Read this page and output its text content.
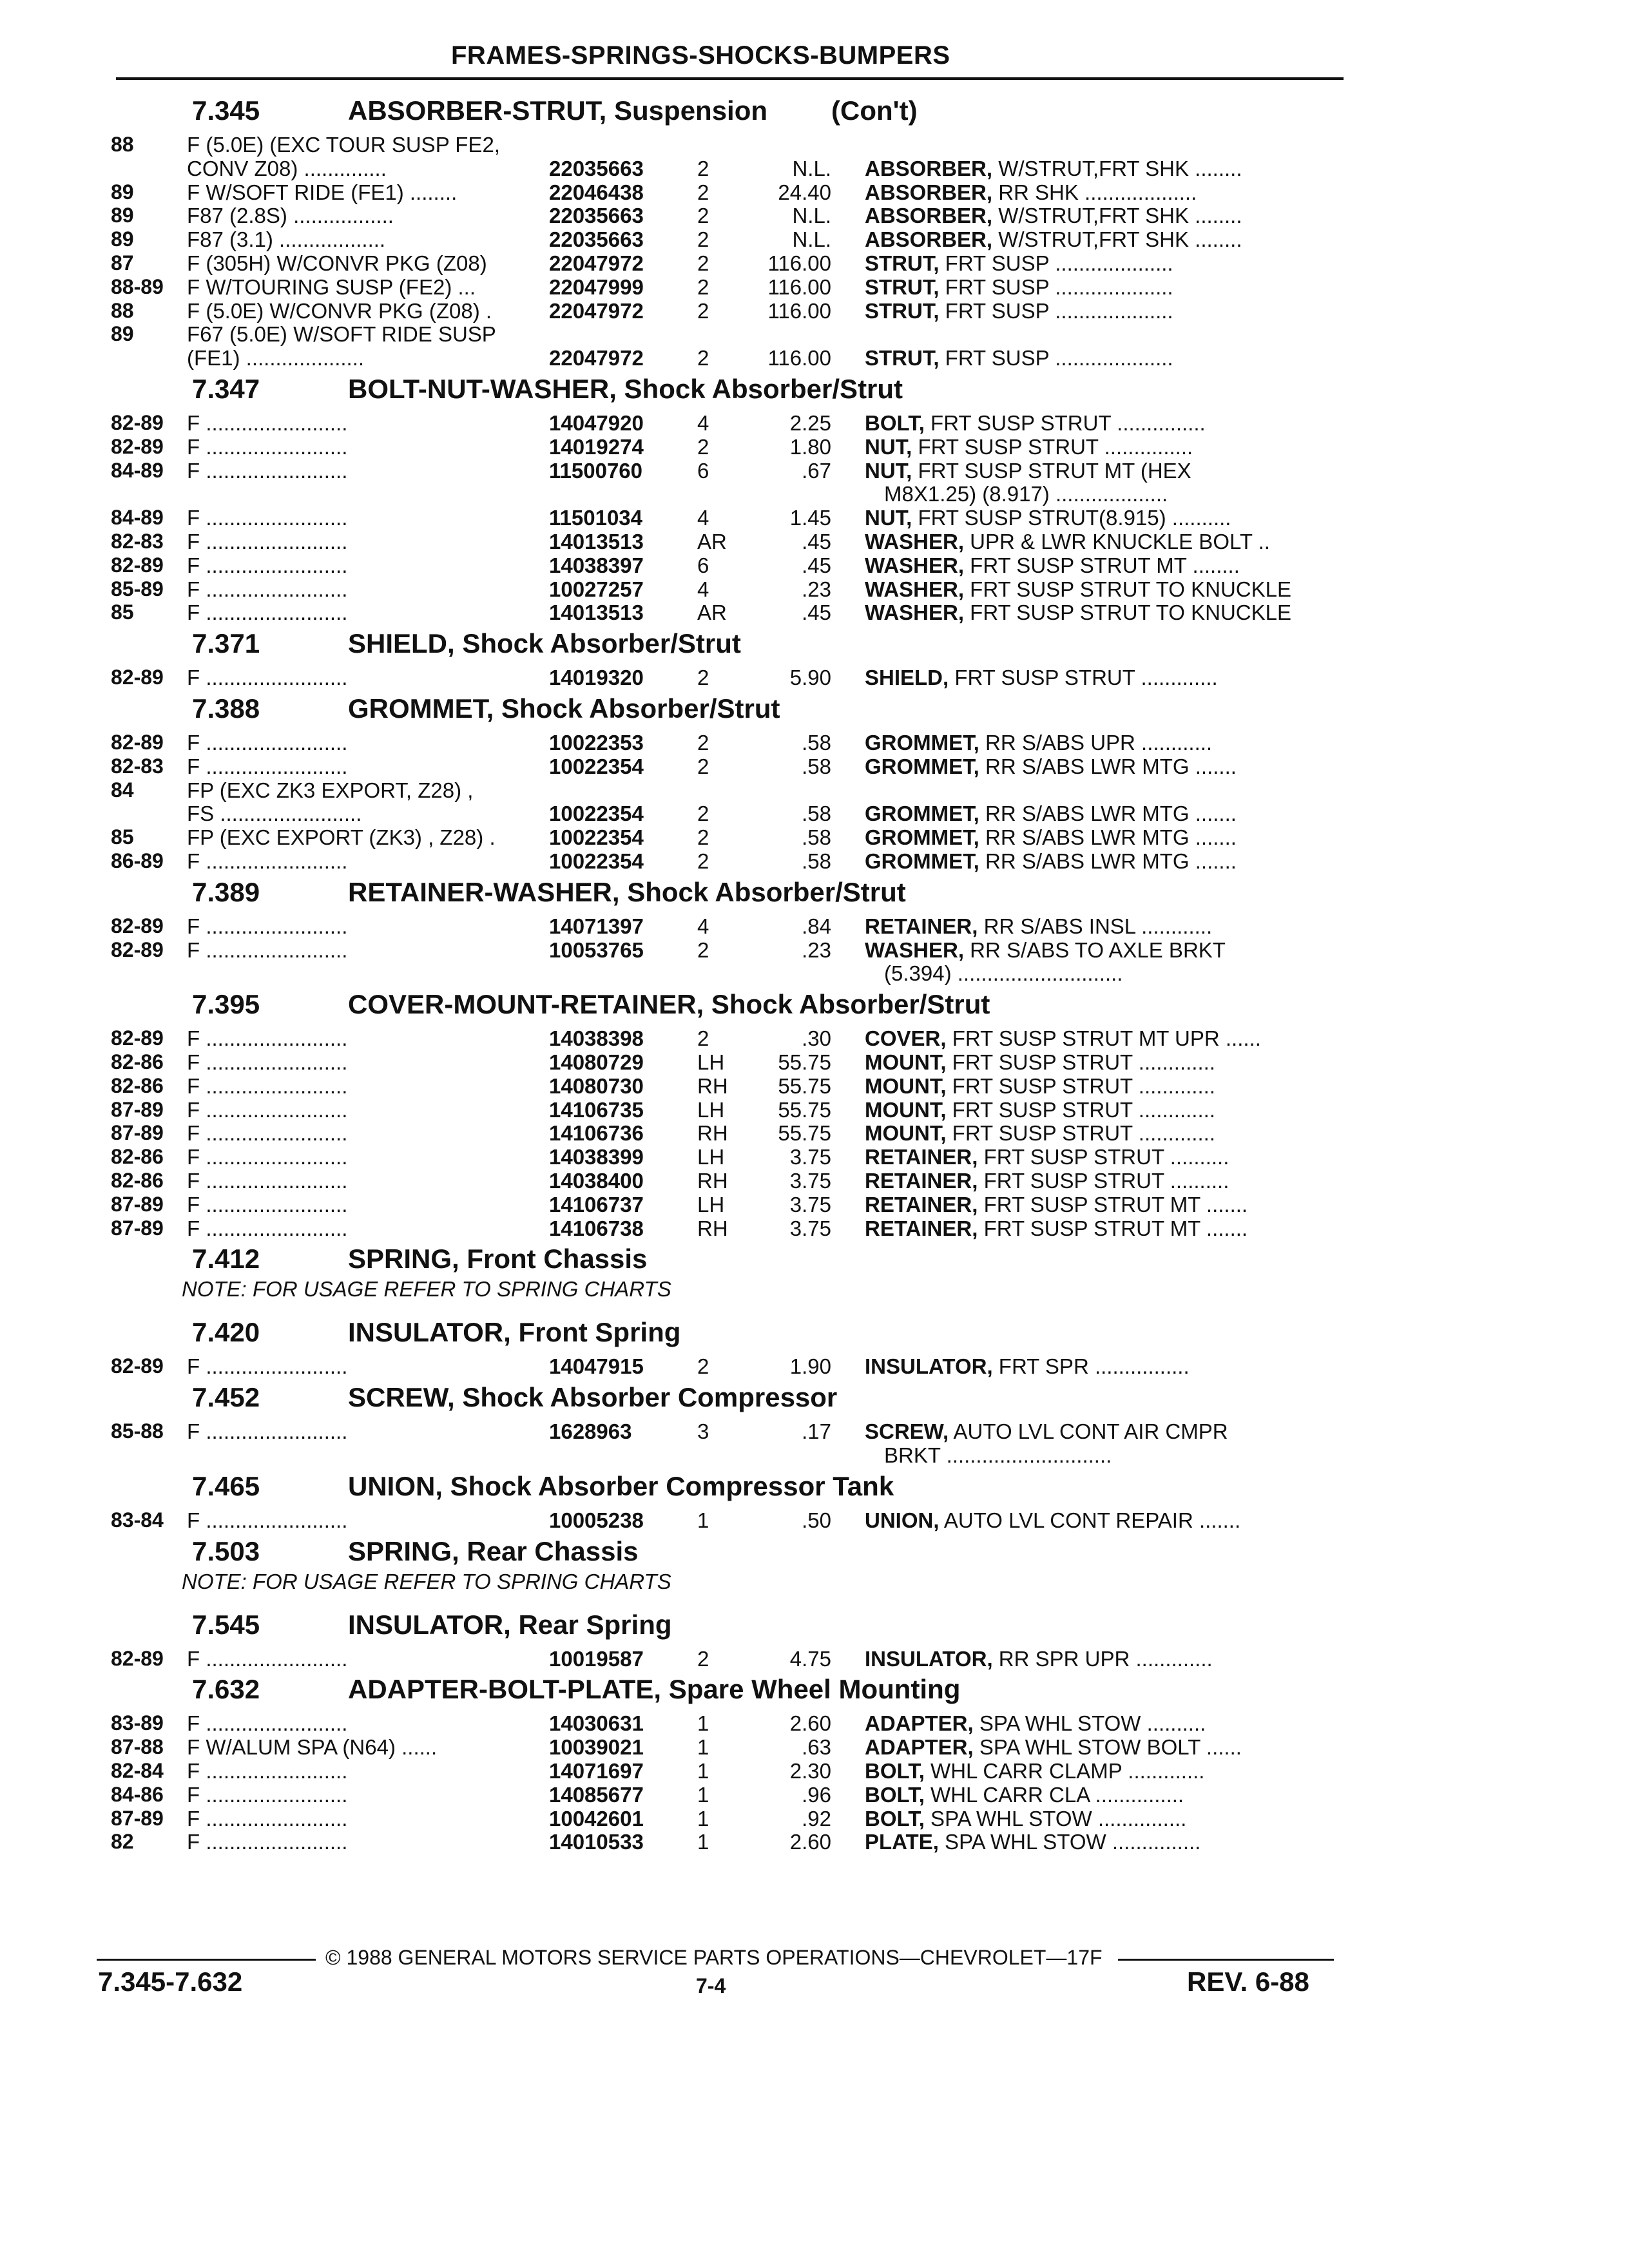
FRAMES-SPRINGS-SHOCKS-BUMPERS
7.345	ABSORBER-STRUT, Suspension (Con't)
88 F (5.0E) (EXC TOUR SUSP FE2,
CONV Z08) ..............	22035663	2	N.L. ABSORBER, W/STRUT,FRT SHK ........
89 F W/SOFT RIDE (FE1) ........	22046438	2	24.40 ABSORBER, RR SHK ...................
89 F87 (2.8S) .................	22035663	2	N.L. ABSORBER, W/STRUT,FRT SHK ........
89 F87 (3.1) ..................	22035663	2	N.L. ABSORBER, W/STRUT,FRT SHK ........
87 F (305H) W/CONVR PKG (Z08)	22047972	2	116.00 STRUT, FRT SUSP ....................
88-89 F W/TOURING SUSP (FE2) ...	22047999	2	116.00 STRUT, FRT SUSP ....................
88 F (5.0E) W/CONVR PKG (Z08) .	22047972	2	116.00 STRUT, FRT SUSP ....................
89 F67 (5.0E) W/SOFT RIDE SUSP
(FE1) ....................	22047972	2	116.00 STRUT, FRT SUSP ....................
7.347	BOLT-NUT-WASHER, Shock Absorber/Strut
82-89 F ........................	14047920	4	2.25 BOLT, FRT SUSP STRUT ...............
82-89 F ........................	14019274	2	1.80 NUT, FRT SUSP STRUT ...............
84-89 F ........................	11500760	6	.67 NUT, FRT SUSP STRUT MT (HEX
M8X1.25) (8.917) ...................
84-89 F ........................	11501034	4	1.45 NUT, FRT SUSP STRUT(8.915) ..........
82-83 F ........................	14013513	AR	.45 WASHER, UPR & LWR KNUCKLE BOLT ..
82-89 F ........................	14038397	6	.45 WASHER, FRT SUSP STRUT MT ........
85-89 F ........................	10027257	4	.23 WASHER, FRT SUSP STRUT TO KNUCKLE
85 F ........................	14013513	AR	.45 WASHER, FRT SUSP STRUT TO KNUCKLE
7.371	SHIELD, Shock Absorber/Strut
82-89 F ........................	14019320	2	5.90 SHIELD, FRT SUSP STRUT .............
7.388	GROMMET, Shock Absorber/Strut
82-89 F ........................	10022353	2	.58 GROMMET, RR S/ABS UPR ............
82-83 F ........................	10022354	2	.58 GROMMET, RR S/ABS LWR MTG .......
84 FP (EXC ZK3 EXPORT, Z28) ,
FS ........................	10022354	2	.58 GROMMET, RR S/ABS LWR MTG .......
85 FP (EXC EXPORT (ZK3) , Z28) .	10022354	2	.58 GROMMET, RR S/ABS LWR MTG .......
86-89 F ........................	10022354	2	.58 GROMMET, RR S/ABS LWR MTG .......
7.389	RETAINER-WASHER, Shock Absorber/Strut
82-89 F ........................	14071397	4	.84 RETAINER, RR S/ABS INSL ............
82-89 F ........................	10053765	2	.23 WASHER, RR S/ABS TO AXLE BRKT
(5.394) ............................
7.395	COVER-MOUNT-RETAINER, Shock Absorber/Strut
82-89 F ........................	14038398	2	.30 COVER, FRT SUSP STRUT MT UPR ......
82-86 F ........................	14080729	LH	55.75 MOUNT, FRT SUSP STRUT .............
82-86 F ........................	14080730	RH 55.75 MOUNT, FRT SUSP STRUT .............
87-89 F ........................	14106735	LH	55.75 MOUNT, FRT SUSP STRUT .............
87-89 F ........................	14106736	RH 55.75 MOUNT, FRT SUSP STRUT .............
82-86 F ........................	14038399	LH	3.75 RETAINER, FRT SUSP STRUT ..........
82-86 F ........................	14038400	RH	3.75 RETAINER, FRT SUSP STRUT ..........
87-89 F ........................	14106737	LH	3.75 RETAINER, FRT SUSP STRUT MT .......
87-89 F ........................	14106738	RH	3.75 RETAINER, FRT SUSP STRUT MT .......
7.412	SPRING, Front Chassis
NOTE: FOR USAGE REFER TO SPRING CHARTS
7.420	INSULATOR, Front Spring
82-89 F ........................	14047915	2	1.90 INSULATOR, FRT SPR ................
7.452	SCREW, Shock Absorber Compressor
85-88 F ........................	1628963	3	.17 SCREW, AUTO LVL CONT AIR CMPR
BRKT ............................
7.465	UNION, Shock Absorber Compressor Tank
83-84 F ........................	10005238	1	.50 UNION, AUTO LVL CONT REPAIR .......
7.503	SPRING, Rear Chassis
NOTE: FOR USAGE REFER TO SPRING CHARTS
7.545	INSULATOR, Rear Spring
82-89 F ........................	10019587	2	4.75 INSULATOR, RR SPR UPR .............
7.632	ADAPTER-BOLT-PLATE, Spare Wheel Mounting
83-89 F ........................	14030631	1	2.60 ADAPTER, SPA WHL STOW ..........
87-88 F W/ALUM SPA (N64) ......	10039021	1	.63 ADAPTER, SPA WHL STOW BOLT ......
82-84 F ........................	14071697	1	2.30 BOLT, WHL CARR CLAMP .............
84-86 F ........................	14085677	1	.96 BOLT, WHL CARR CLA ...............
87-89 F ........................	10042601	1	.92 BOLT, SPA WHL STOW ...............
82 F ........................	14010533	1	2.60 PLATE, SPA WHL STOW ...............
© 1988 GENERAL MOTORS SERVICE PARTS OPERATIONS—CHEVROLET—17F
7.345-7.632	7-4	REV. 6-88
